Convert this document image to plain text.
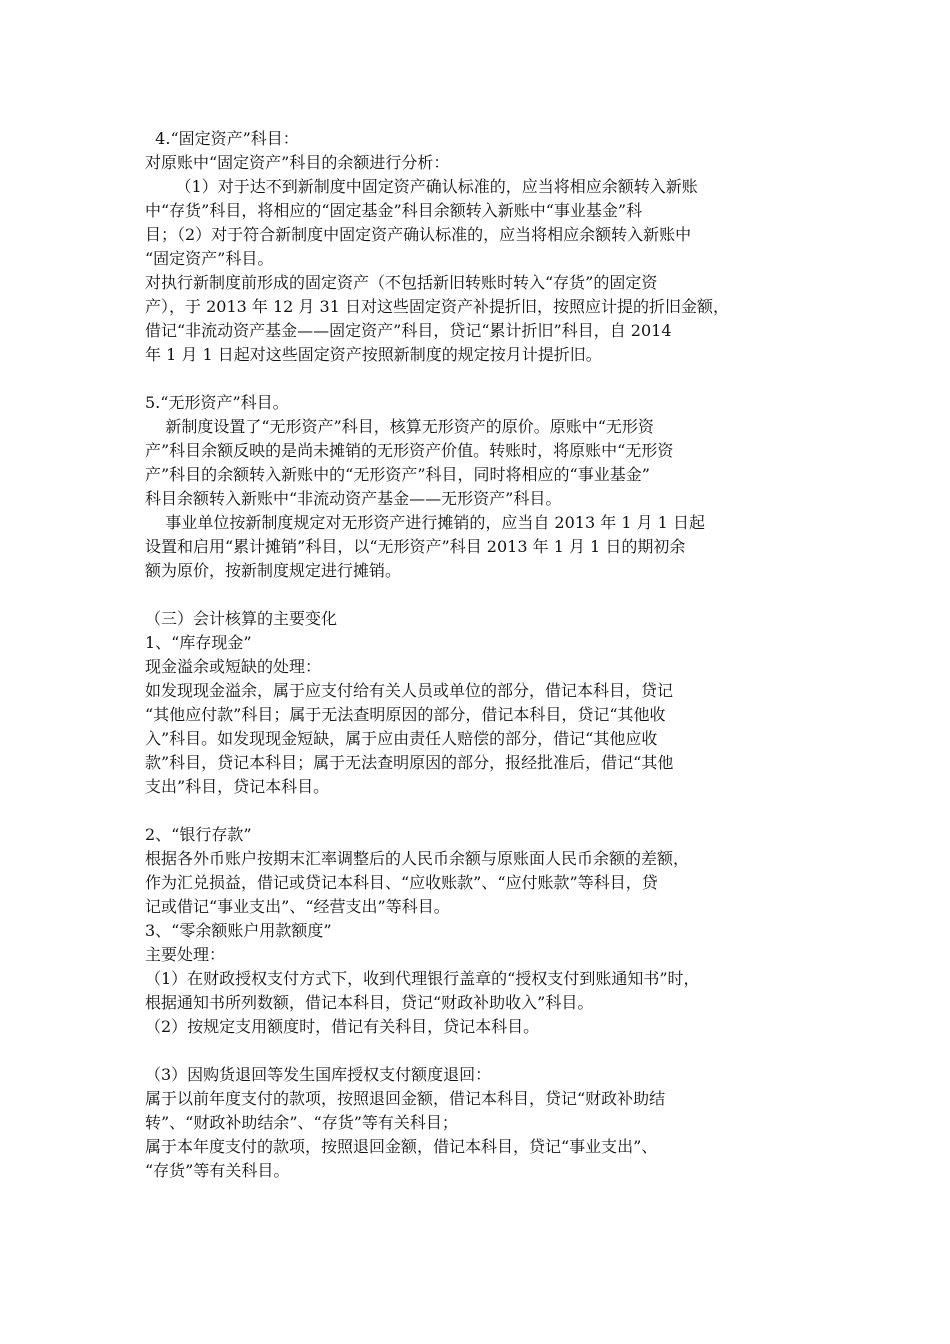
4.“固定资产”科目：
对原账中“固定资产”科目的余额进行分析：
（1）对于达不到新制度中固定资产确认标准的，应当将相应余额转入新账
中“存货”科目，将相应的“固定基金”科目余额转入新账中“事业基金”科
目；（2）对于符合新制度中固定资产确认标准的，应当将相应余额转入新账中
“固定资产”科目。
对执行新制度前形成的固定资产（不包括新旧转账时转入“存货”的固定资
产），于 2013 年 12 月 31 日对这些固定资产补提折旧，按照应计提的折旧金额，
借记“非流动资产基金——固定资产”科目，贷记“累计折旧”科目，自 2014
年 1 月 1 日起对这些固定资产按照新制度的规定按月计提折旧。
5.“无形资产”科目。
新制度设置了“无形资产”科目，核算无形资产的原价。原账中“无形资
产”科目余额反映的是尚未摊销的无形资产价值。转账时，将原账中“无形资
产”科目的余额转入新账中的“无形资产”科目，同时将相应的“事业基金”
科目余额转入新账中“非流动资产基金——无形资产”科目。
事业单位按新制度规定对无形资产进行摊销的，应当自 2013 年 1 月 1 日起
设置和启用“累计摊销”科目，以“无形资产”科目 2013 年 1 月 1 日的期初余
额为原价，按新制度规定进行摊销。
（三）会计核算的主要变化
1、“库存现金”
现金溢余或短缺的处理：
如发现现金溢余，属于应支付给有关人员或单位的部分，借记本科目，贷记
“其他应付款”科目；属于无法查明原因的部分，借记本科目，贷记“其他收
入”科目。如发现现金短缺，属于应由责任人赔偿的部分，借记“其他应收
款”科目，贷记本科目；属于无法查明原因的部分，报经批准后，借记“其他
支出”科目，贷记本科目。
2、“银行存款”
根据各外币账户按期末汇率调整后的人民币余额与原账面人民币余额的差额，
作为汇兑损益，借记或贷记本科目、“应收账款”、“应付账款”等科目，贷
记或借记“事业支出”、“经营支出”等科目。
3、“零余额账户用款额度”
主要处理：
（1）在财政授权支付方式下，收到代理银行盖章的“授权支付到账通知书”时，
根据通知书所列数额，借记本科目，贷记“财政补助收入”科目。
（2）按规定支用额度时，借记有关科目，贷记本科目。
（3）因购货退回等发生国库授权支付额度退回：
属于以前年度支付的款项，按照退回金额，借记本科目，贷记“财政补助结
转”、“财政补助结余”、“存货”等有关科目；
属于本年度支付的款项，按照退回金额，借记本科目，贷记“事业支出”、
“存货”等有关科目。
